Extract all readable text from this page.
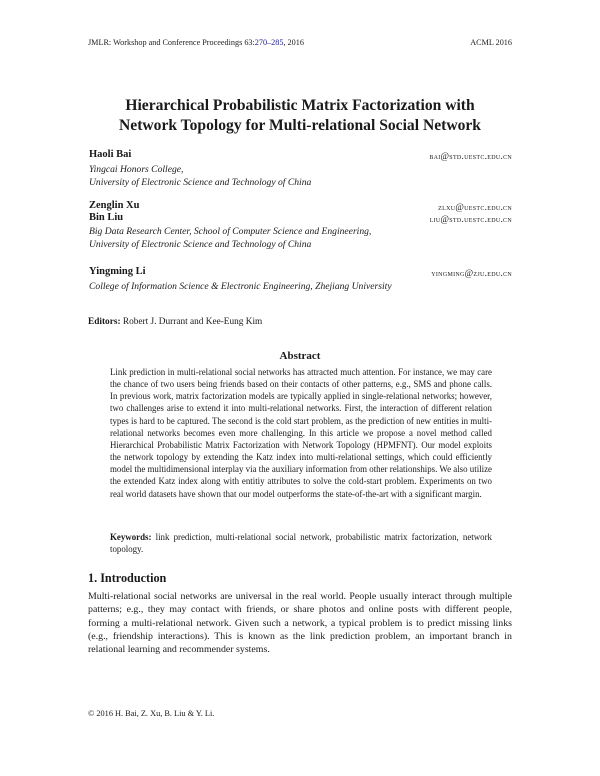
JMLR: Workshop and Conference Proceedings 63:270–285, 2016	ACML 2016
Hierarchical Probabilistic Matrix Factorization with
Network Topology for Multi-relational Social Network
Haoli Bai	bai@std.uestc.edu.cn
Yingcai Honors College,
University of Electronic Science and Technology of China
Zenglin Xu	zlxu@uestc.edu.cn
Bin Liu	liu@std.uestc.edu.cn
Big Data Research Center, School of Computer Science and Engineering,
University of Electronic Science and Technology of China
Yingming Li	yingming@zju.edu.cn
College of Information Science & Electronic Engineering, Zhejiang University
Editors: Robert J. Durrant and Kee-Eung Kim
Abstract
Link prediction in multi-relational social networks has attracted much attention. For instance, we may care the chance of two users being friends based on their contacts of other patterns, e.g., SMS and phone calls. In previous work, matrix factorization models are typically applied in single-relational networks; however, two challenges arise to extend it into multi-relational networks. First, the interaction of different relation types is hard to be captured. The second is the cold start problem, as the prediction of new entities in multi-relational networks becomes even more challenging. In this article we propose a novel method called Hierarchical Probabilistic Matrix Factorization with Network Topology (HPMFNT). Our model exploits the network topology by extending the Katz index into multi-relational settings, which could efficiently model the multidimensional interplay via the auxiliary information from other relationships. We also utilize the extended Katz index along with entitiy attributes to solve the cold-start problem. Experiments on two real world datasets have shown that our model outperforms the state-of-the-art with a significant margin.
Keywords: link prediction, multi-relational social network, probabilistic matrix factorization, network topology.
1. Introduction
Multi-relational social networks are universal in the real world. People usually interact through multiple patterns; e.g., they may contact with friends, or share photos and online posts with different people, forming a multi-relational network. Given such a network, a typical problem is to predict missing links (e.g., friendship interactions). This is known as the link prediction problem, an important branch in relational learning and recommender systems.
© 2016 H. Bai, Z. Xu, B. Liu & Y. Li.
